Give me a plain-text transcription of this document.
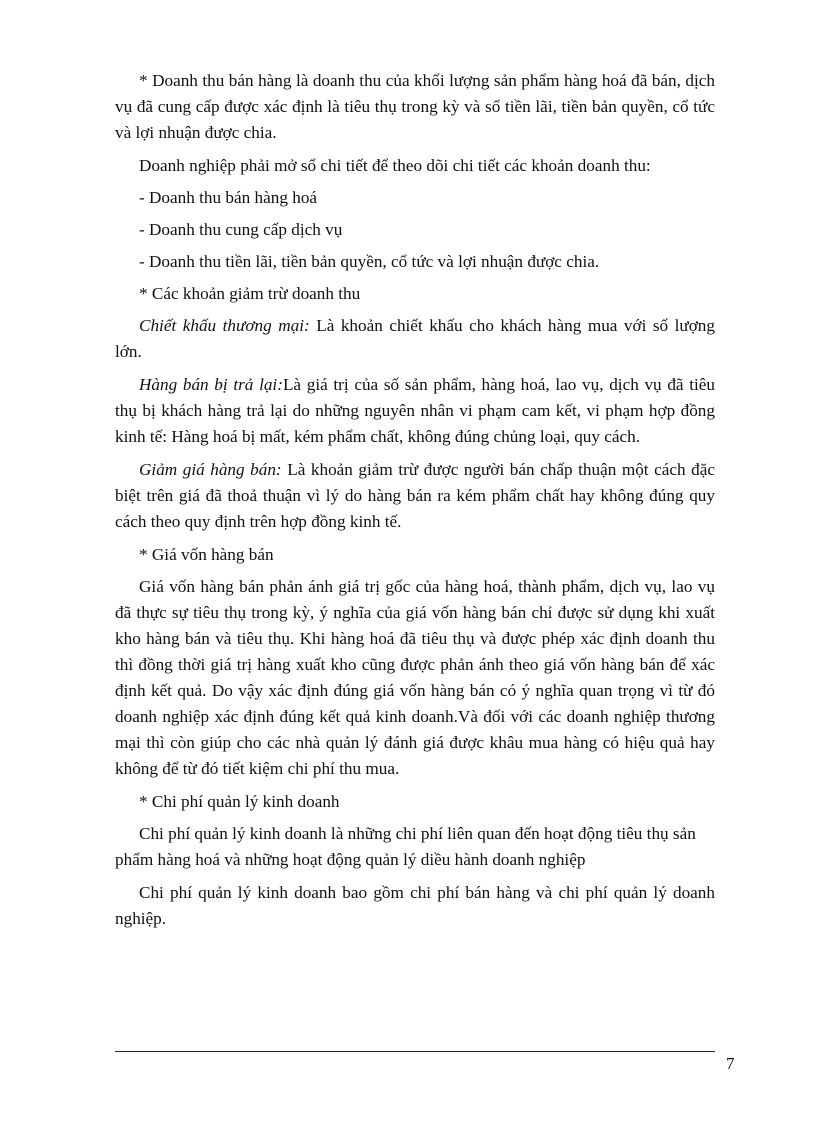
* Doanh thu bán hàng là doanh thu của khối lượng sản phẩm hàng hoá đã bán, dịch vụ đã cung cấp được xác định là tiêu thụ trong kỳ và số tiền lãi, tiền bản quyền, cổ tức và lợi nhuận được chia.

Doanh nghiệp phải mở sổ chi tiết để theo dõi chi tiết các khoản doanh thu:

- Doanh thu bán hàng hoá

- Doanh thu cung cấp dịch vụ

- Doanh thu tiền lãi, tiền bản quyền, cổ tức và lợi nhuận được chia.

* Các khoản giảm trừ doanh thu

Chiết khấu thương mại: Là khoản chiết khấu cho khách hàng mua với số lượng lớn.

Hàng bán bị trả lại:Là giá trị của số sản phẩm, hàng hoá, lao vụ, dịch vụ đã tiêu thụ bị khách hàng trả lại do những nguyên nhân vi phạm cam kết, vi phạm hợp đồng kinh tế: Hàng hoá bị mất, kém phẩm chất, không đúng chủng loại, quy cách.

Giảm giá hàng bán: Là khoản giảm trừ được người bán chấp thuận một cách đặc biệt trên giá đã thoả thuận vì lý do hàng bán ra kém phẩm chất hay không đúng quy cách theo quy định trên hợp đồng kinh tế.

* Giá vốn hàng bán

Giá vốn hàng bán phản ánh giá trị gốc của hàng hoá, thành phẩm, dịch vụ, lao vụ đã thực sự tiêu thụ trong kỳ, ý nghĩa của giá vốn hàng bán chỉ được sử dụng khi xuất kho hàng bán và tiêu thụ. Khi hàng hoá đã tiêu thụ và được phép xác định doanh thu thì đồng thời giá trị hàng xuất kho cũng được phản ánh theo giá vốn hàng bán để xác định kết quả. Do vậy xác định đúng giá vốn hàng bán có ý nghĩa quan trọng vì từ đó doanh nghiệp xác định đúng kết quả kinh doanh.Và đối với các doanh nghiệp thương mại thì còn giúp cho các nhà quản lý đánh giá được khâu mua hàng có hiệu quả hay không để từ đó tiết kiệm chi phí thu mua.

* Chi phí quản lý kinh doanh

Chi phí quản lý kinh doanh là những chi phí liên quan đến hoạt động tiêu thụ sản phẩm hàng hoá và những hoạt động quản lý diều hành doanh nghiệp

Chi phí quản lý kinh doanh bao gồm chi phí bán hàng và chi phí quản lý doanh nghiệp.

7
